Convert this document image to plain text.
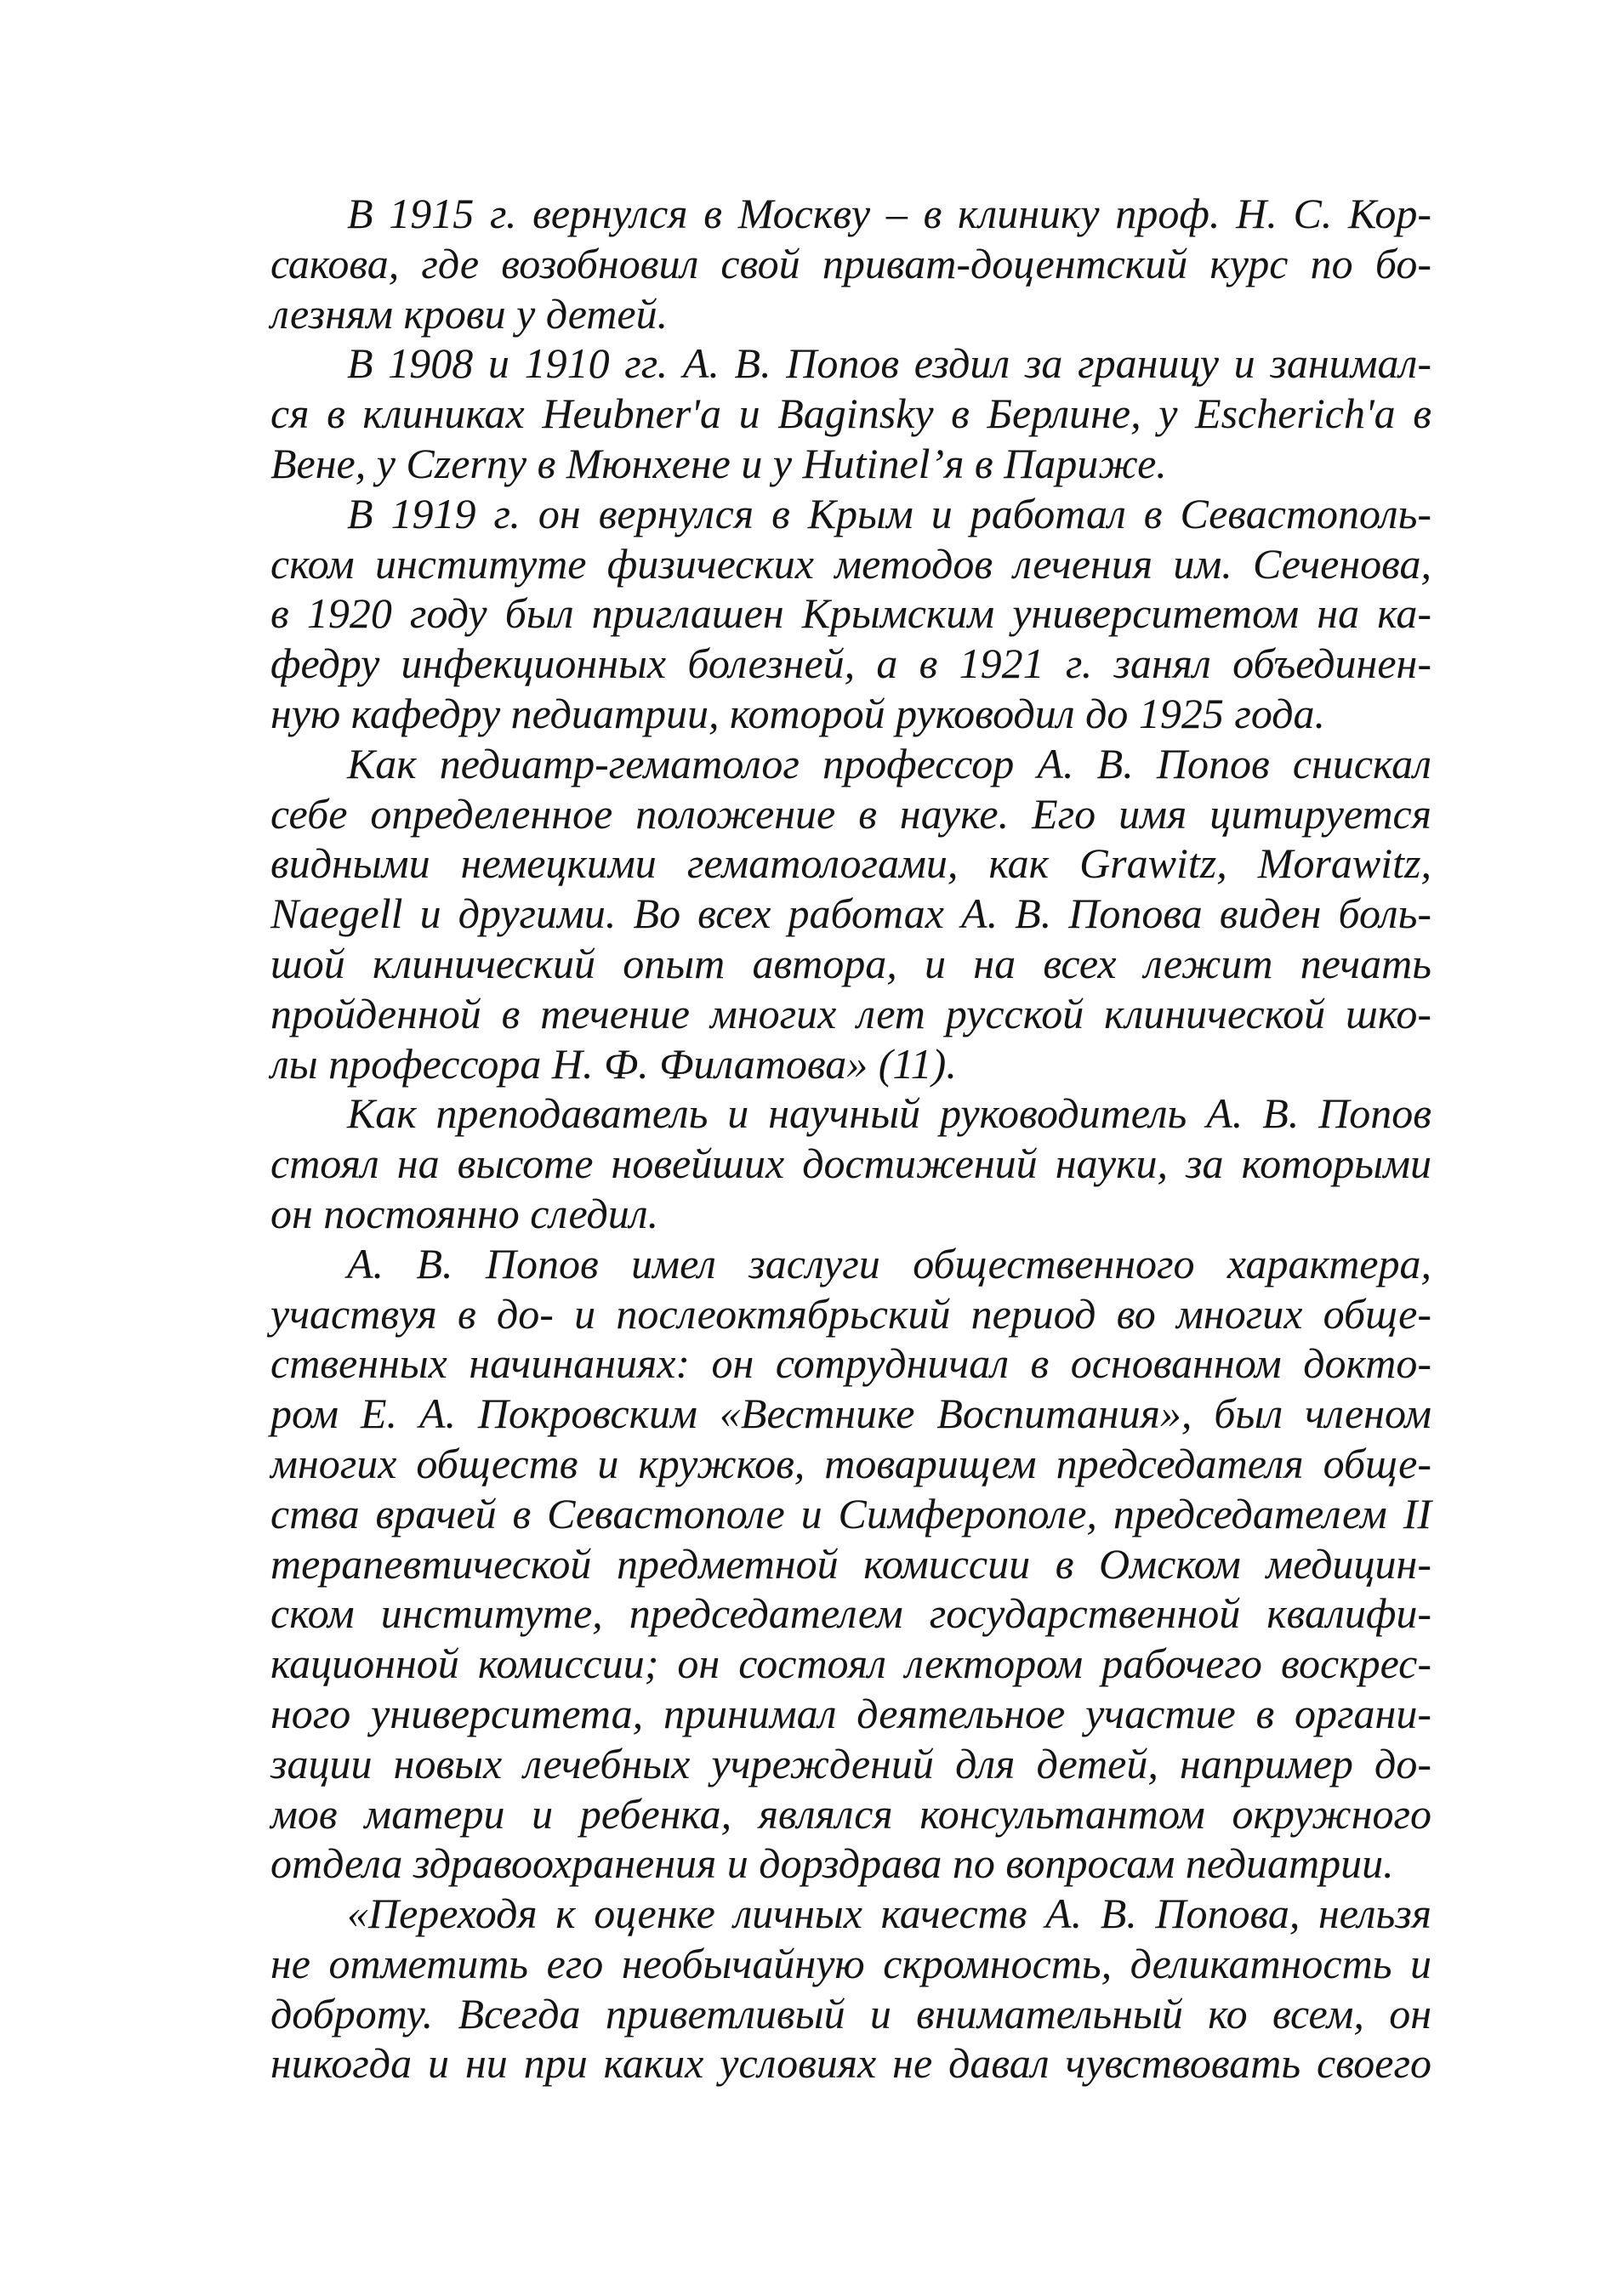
В 1915 г. вернулся в Москву – в клинику проф. Н. С. Кор-
сакова, где возобновил свой приват-доцентский курс по бо-
лезням крови у детей.
В 1908 и 1910 гг. А. В. Попов ездил за границу и занимал-
ся в клиниках Heubner'a и Baginsky в Берлине, у Escherich'a в
Вене, у Czerny в Мюнхене и у Hutinel’я в Париже.
В 1919 г. он вернулся в Крым и работал в Севастополь-
ском институте физических методов лечения им. Сеченова,
в 1920 году был приглашен Крымским университетом на ка-
федру инфекционных болезней, а в 1921 г. занял объединен-
ную кафедру педиатрии, которой руководил до 1925 года.
Как педиатр-гематолог профессор А. В. Попов снискал
себе определенное положение в науке. Его имя цитируется
видными немецкими гематологами, как Grawitz, Morawitz,
Naegell и другими. Во всех работах А. В. Попова виден боль-
шой клинический опыт автора, и на всех лежит печать
пройденной в течение многих лет русской клинической шко-
лы профессора Н. Ф. Филатова» (11).
Как преподаватель и научный руководитель А. В. Попов
стоял на высоте новейших достижений науки, за которыми
он постоянно следил.
А. В. Попов имел заслуги общественного характера,
участвуя в до- и послеоктябрьский период во многих обще-
ственных начинаниях: он сотрудничал в основанном докто-
ром Е. А. Покровским «Вестнике Воспитания», был членом
многих обществ и кружков, товарищем председателя обще-
ства врачей в Севастополе и Симферополе, председателем II
терапевтической предметной комиссии в Омском медицин-
ском институте, председателем государственной квалифи-
кационной комиссии; он состоял лектором рабочего воскрес-
ного университета, принимал деятельное участие в органи-
зации новых лечебных учреждений для детей, например до-
мов матери и ребенка, являлся консультантом окружного
отдела здравоохранения и дорздрава по вопросам педиатрии.
«Переходя к оценке личных качеств А. В. Попова, нельзя
не отметить его необычайную скромность, деликатность и
доброту. Всегда приветливый и внимательный ко всем, он
никогда и ни при каких условиях не давал чувствовать своего
